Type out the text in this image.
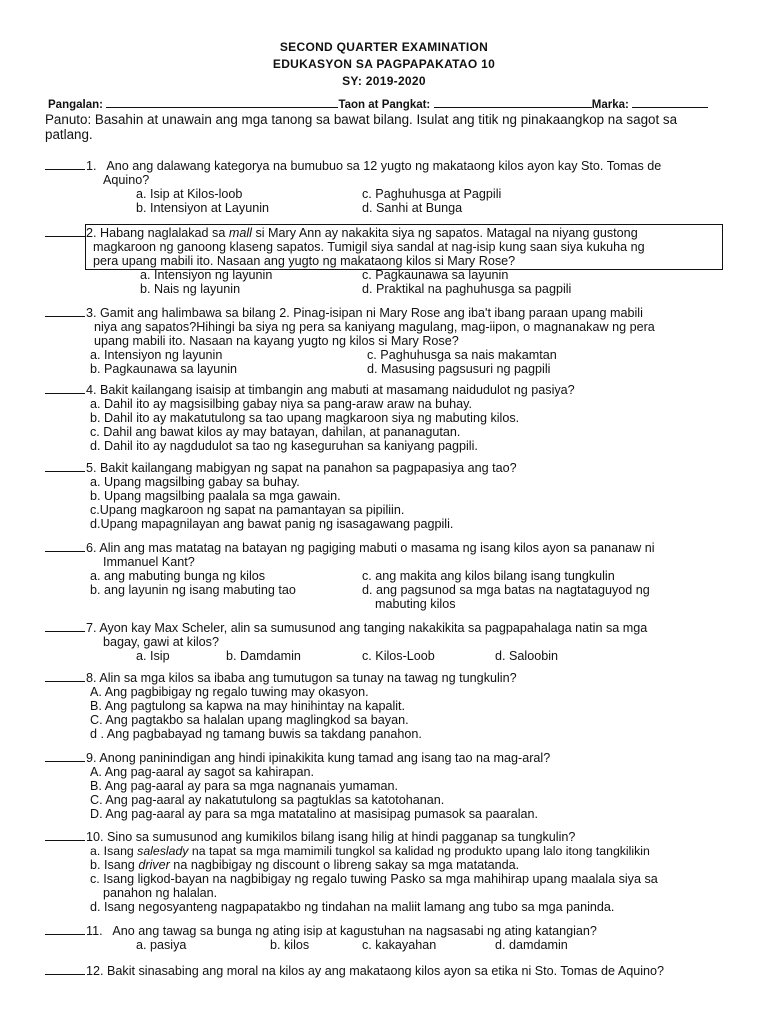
SECOND QUARTER EXAMINATION
EDUKASYON SA PAGPAPAKATAO 10
SY: 2019-2020
Pangalan:	Taon at Pangkat:	Marka:
Panuto: Basahin at unawain ang mga tanong sa bawat bilang. Isulat ang titik ng pinakaangkop na sagot sa
patlang.
1. Ano ang dalawang kategorya na bumubuo sa 12 yugto ng makataong kilos ayon kay Sto. Tomas de
Aquino?
a. Isip at Kilos-loob
b. Intensiyon at Layunin
c. Paghuhusga at Pagpili
d. Sanhi at Bunga
2. Habang naglalakad sa mall si Mary Ann ay nakakita siya ng sapatos. Matagal na niyang gustong
magkaroon ng ganoong klaseng sapatos. Tumigil siya sandal at nag-isip kung saan siya kukuha ng
pera upang mabili ito. Nasaan ang yugto ng makataong kilos si Mary Rose?
a. Intensiyon ng layunin
b. Nais ng layunin
c. Pagkaunawa sa layunin
d. Praktikal na paghuhusga sa pagpili
3. Gamit ang halimbawa sa bilang 2. Pinag-isipan ni Mary Rose ang iba't ibang paraan upang mabili
niya ang sapatos?Hihingi ba siya ng pera sa kaniyang magulang, mag-iipon, o magnanakaw ng pera
upang mabili ito. Nasaan na kayang yugto ng kilos si Mary Rose?
a. Intensiyon ng layunin
b. Pagkaunawa sa layunin
c. Paghuhusga sa nais makamtan
d. Masusing pagsusuri ng pagpili
4. Bakit kailangang isaisip at timbangin ang mabuti at masamang naidudulot ng pasiya?
a. Dahil ito ay magsisilbing gabay niya sa pang-araw araw na buhay.
b. Dahil ito ay makatutulong sa tao upang magkaroon siya ng mabuting kilos.
c. Dahil ang bawat kilos ay may batayan, dahilan, at pananagutan.
d. Dahil ito ay nagdudulot sa tao ng kaseguruhan sa kaniyang pagpili.
5. Bakit kailangang mabigyan ng sapat na panahon sa pagpapasiya ang tao?
a. Upang magsilbing gabay sa buhay.
b. Upang magsilbing paalala sa mga gawain.
c.Upang magkaroon ng sapat na pamantayan sa pipiliin.
d.Upang mapagnilayan ang bawat panig ng isasagawang pagpili.
6. Alin ang mas matatag na batayan ng pagiging mabuti o masama ng isang kilos ayon sa pananaw ni
Immanuel Kant?
a. ang mabuting bunga ng kilos
b. ang layunin ng isang mabuting tao
c. ang makita ang kilos bilang isang tungkulin
d. ang pagsunod sa mga batas na nagtataguyod ng
mabuting kilos
7. Ayon kay Max Scheler, alin sa sumusunod ang tanging nakakikita sa pagpapahalaga natin sa mga
bagay, gawi at kilos?
a. Isip	b. Damdamin	c. Kilos-Loob	d. Saloobin
8. Alin sa mga kilos sa ibaba ang tumutugon sa tunay na tawag ng tungkulin?
A. Ang pagbibigay ng regalo tuwing may okasyon.
B. Ang pagtulong sa kapwa na may hinihintay na kapalit.
C. Ang pagtakbo sa halalan upang maglingkod sa bayan.
d . Ang pagbabayad ng tamang buwis sa takdang panahon.
9. Anong paninindigan ang hindi ipinakikita kung tamad ang isang tao na mag-aral?
A. Ang pag-aaral ay sagot sa kahirapan.
B. Ang pag-aaral ay para sa mga nagnanais yumaman.
C. Ang pag-aaral ay nakatutulong sa pagtuklas sa katotohanan.
D. Ang pag-aaral ay para sa mga matatalino at masisipag pumasok sa paaralan.
10. Sino sa sumusunod ang kumikilos bilang isang hilig at hindi pagganap sa tungkulin?
a. Isang saleslady na tapat sa mga mamimili tungkol sa kalidad ng produkto upang lalo itong tangkilikin
b. Isang driver na nagbibigay ng discount o libreng sakay sa mga matatanda.
c. Isang ligkod-bayan na nagbibigay ng regalo tuwing Pasko sa mga mahihirap upang maalala siya sa
panahon ng halalan.
d. Isang negosyanteng nagpapatakbo ng tindahan na maliit lamang ang tubo sa mga paninda.
11. Ano ang tawag sa bunga ng ating isip at kagustuhan na nagsasabi ng ating katangian?
a. pasiya	b. kilos	c. kakayahan	d. damdamin
12. Bakit sinasabing ang moral na kilos ay ang makataong kilos ayon sa etika ni Sto. Tomas de Aquino?
